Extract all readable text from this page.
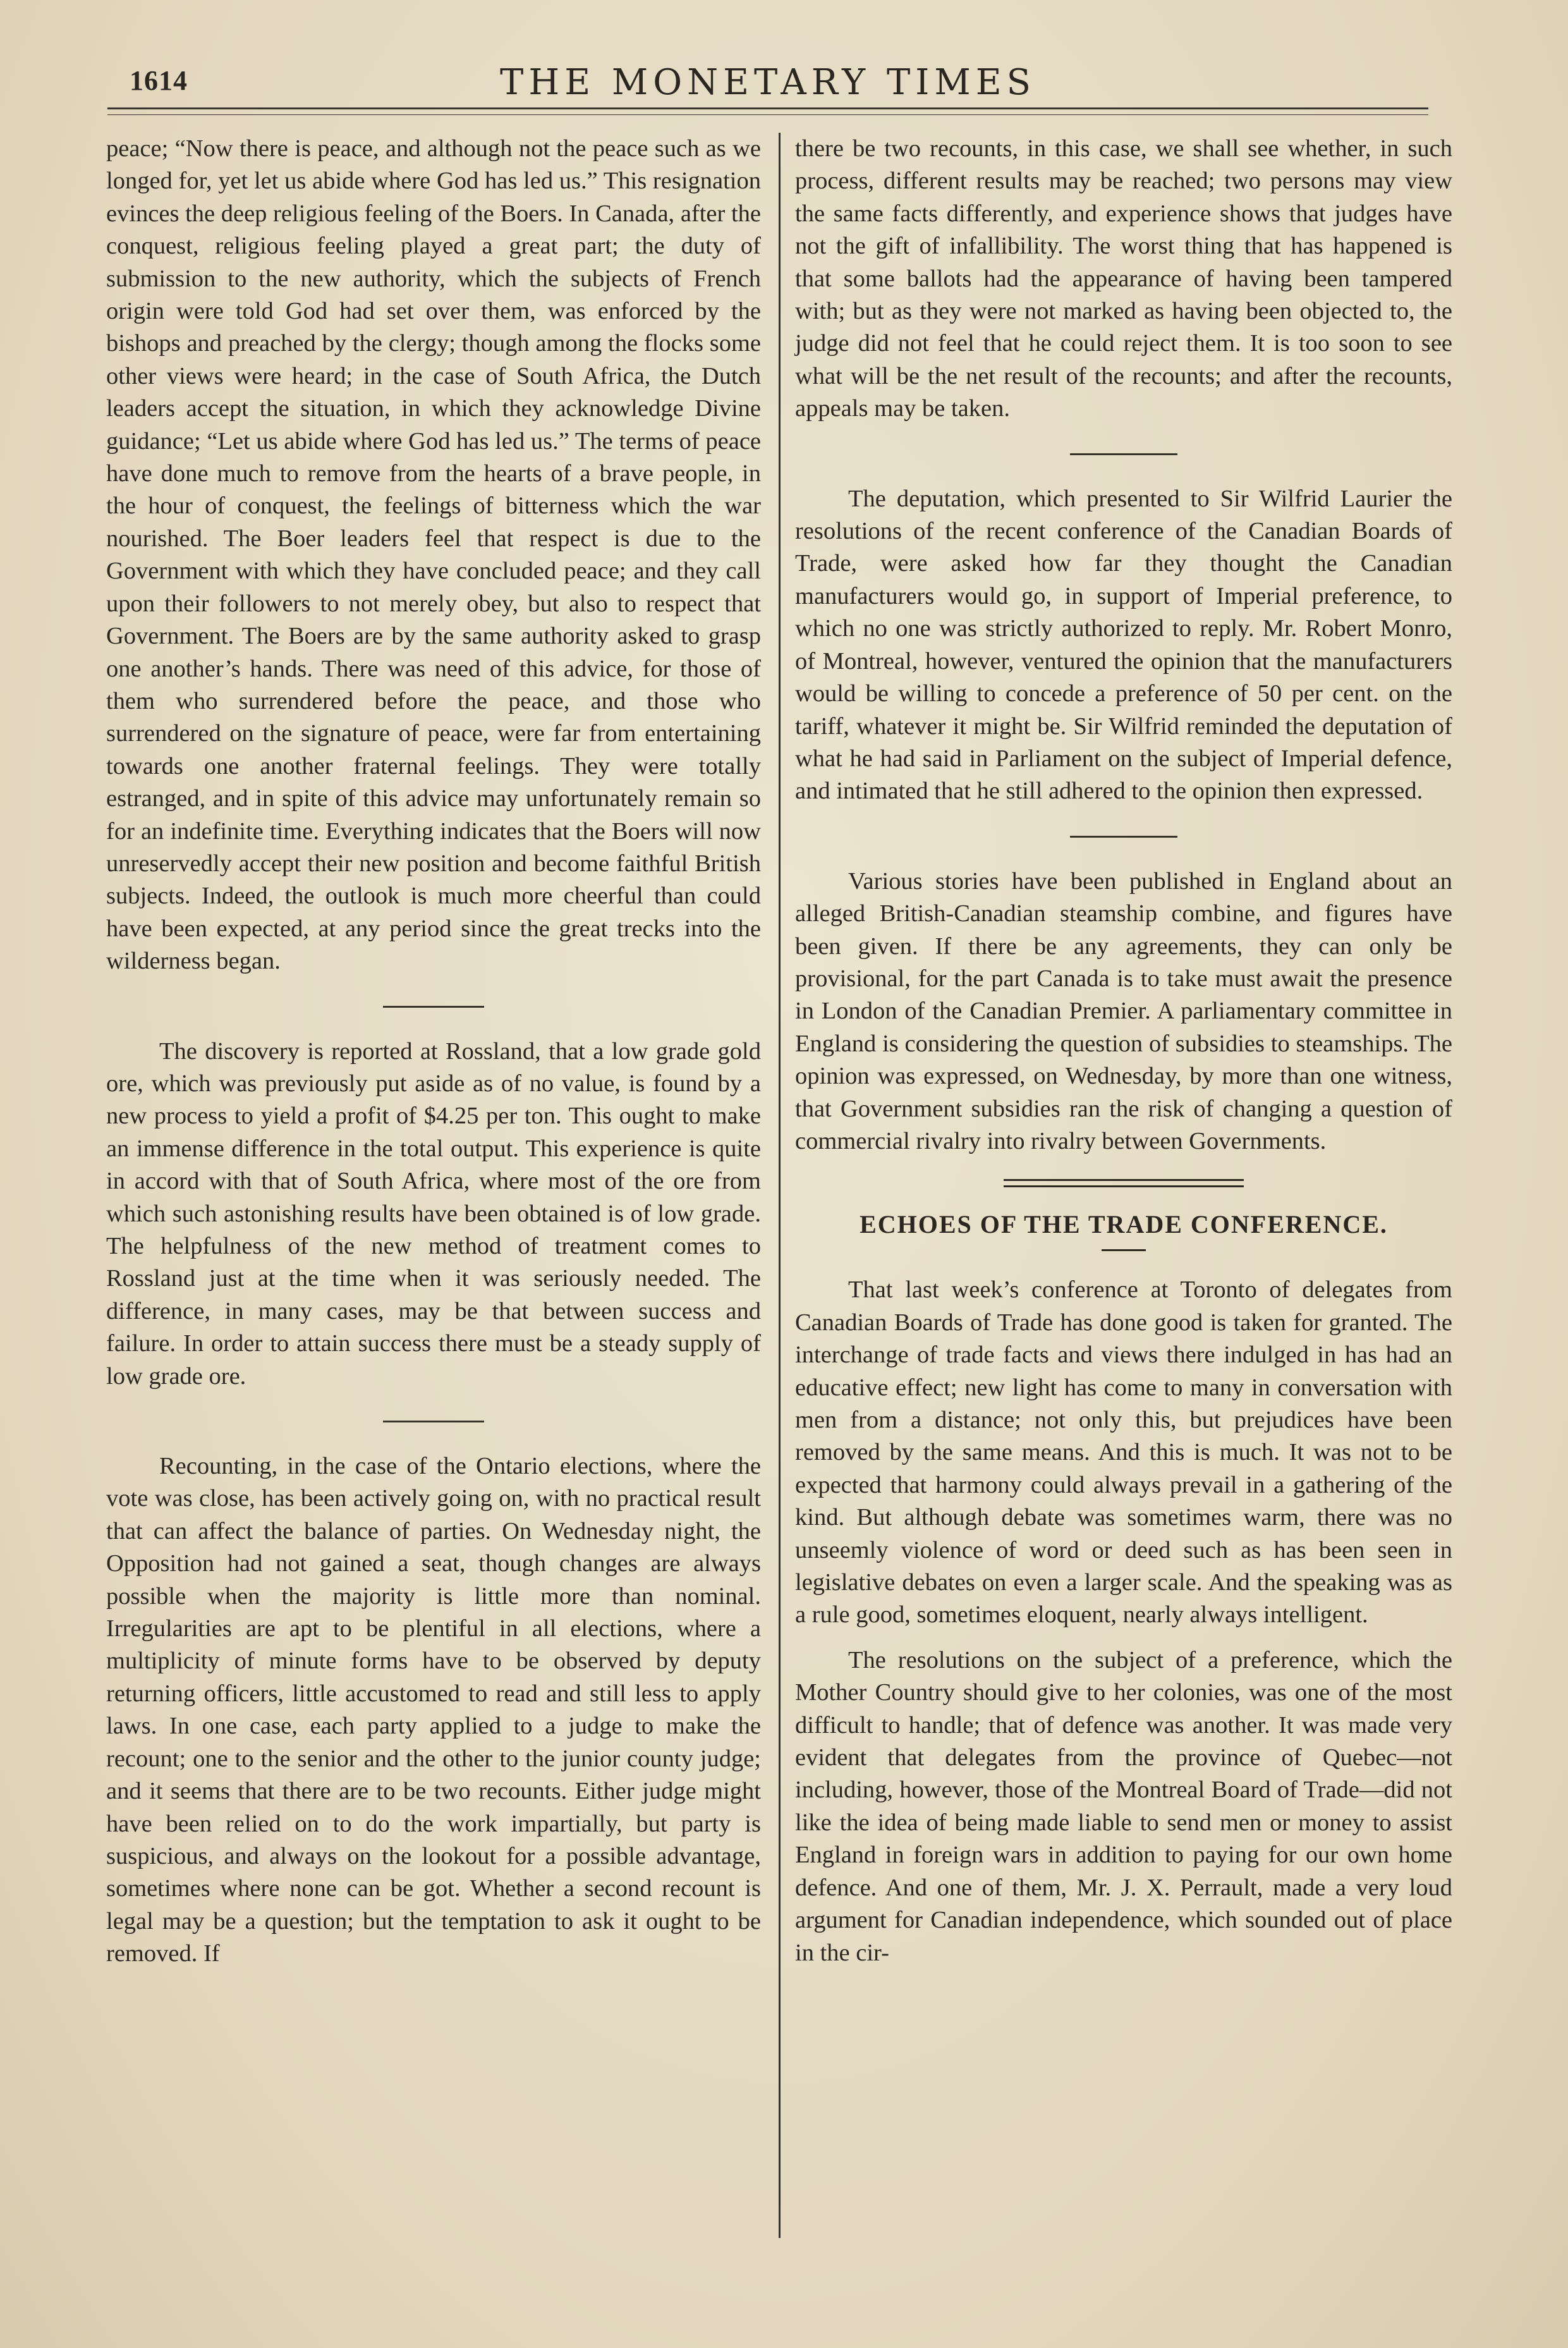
1614	THE MONETARY TIMES

peace; “Now there is peace, and although not the peace such as we longed for, yet let us abide where God has led us.” This resignation evinces the deep religious feeling of the Boers. In Canada, after the conquest, religious feeling played a great part; the duty of submission to the new authority, which the subjects of French origin were told God had set over them, was enforced by the bishops and preached by the clergy; though among the flocks some other views were heard; in the case of South Africa, the Dutch leaders accept the situation, in which they acknowledge Divine guidance; “Let us abide where God has led us.” The terms of peace have done much to remove from the hearts of a brave people, in the hour of conquest, the feelings of bitterness which the war nourished. The Boer leaders feel that respect is due to the Government with which they have concluded peace; and they call upon their followers to not merely obey, but also to respect that Government. The Boers are by the same authority asked to grasp one another’s hands. There was need of this advice, for those of them who surrendered before the peace, and those who surrendered on the signature of peace, were far from entertaining towards one another fraternal feelings. They were totally estranged, and in spite of this advice may unfortunately remain so for an indefinite time. Everything indicates that the Boers will now unreservedly accept their new position and become faithful British subjects. Indeed, the outlook is much more cheerful than could have been expected, at any period since the great trecks into the wilderness began.

The discovery is reported at Rossland, that a low grade gold ore, which was previously put aside as of no value, is found by a new process to yield a profit of $4.25 per ton. This ought to make an immense difference in the total output. This experience is quite in accord with that of South Africa, where most of the ore from which such astonishing results have been obtained is of low grade. The helpfulness of the new method of treatment comes to Rossland just at the time when it was seriously needed. The difference, in many cases, may be that between success and failure. In order to attain success there must be a steady supply of low grade ore.

Recounting, in the case of the Ontario elections, where the vote was close, has been actively going on, with no practical result that can affect the balance of parties. On Wednesday night, the Opposition had not gained a seat, though changes are always possible when the majority is little more than nominal. Irregularities are apt to be plentiful in all elections, where a multiplicity of minute forms have to be observed by deputy returning officers, little accustomed to read and still less to apply laws. In one case, each party applied to a judge to make the recount; one to the senior and the other to the junior county judge; and it seems that there are to be two recounts. Either judge might have been relied on to do the work impartially, but party is suspicious, and always on the lookout for a possible advantage, sometimes where none can be got. Whether a second recount is legal may be a question; but the temptation to ask it ought to be removed. If

there be two recounts, in this case, we shall see whether, in such process, different results may be reached; two persons may view the same facts differently, and experience shows that judges have not the gift of infallibility. The worst thing that has happened is that some ballots had the appearance of having been tampered with; but as they were not marked as having been objected to, the judge did not feel that he could reject them. It is too soon to see what will be the net result of the recounts; and after the recounts, appeals may be taken.

The deputation, which presented to Sir Wilfrid Laurier the resolutions of the recent conference of the Canadian Boards of Trade, were asked how far they thought the Canadian manufacturers would go, in support of Imperial preference, to which no one was strictly authorized to reply. Mr. Robert Monro, of Montreal, however, ventured the opinion that the manufacturers would be willing to concede a preference of 50 per cent. on the tariff, whatever it might be. Sir Wilfrid reminded the deputation of what he had said in Parliament on the subject of Imperial defence, and intimated that he still adhered to the opinion then expressed.

Various stories have been published in England about an alleged British-Canadian steamship combine, and figures have been given. If there be any agreements, they can only be provisional, for the part Canada is to take must await the presence in London of the Canadian Premier. A parliamentary committee in England is considering the question of subsidies to steamships. The opinion was expressed, on Wednesday, by more than one witness, that Government subsidies ran the risk of changing a question of commercial rivalry into rivalry between Governments.

ECHOES OF THE TRADE CONFERENCE.

That last week’s conference at Toronto of delegates from Canadian Boards of Trade has done good is taken for granted. The interchange of trade facts and views there indulged in has had an educative effect; new light has come to many in conversation with men from a distance; not only this, but prejudices have been removed by the same means. And this is much. It was not to be expected that harmony could always prevail in a gathering of the kind. But although debate was sometimes warm, there was no unseemly violence of word or deed such as has been seen in legislative debates on even a larger scale. And the speaking was as a rule good, sometimes eloquent, nearly always intelligent.

The resolutions on the subject of a preference, which the Mother Country should give to her colonies, was one of the most difficult to handle; that of defence was another. It was made very evident that delegates from the province of Quebec—not including, however, those of the Montreal Board of Trade—did not like the idea of being made liable to send men or money to assist England in foreign wars in addition to paying for our own home defence. And one of them, Mr. J. X. Perrault, made a very loud argument for Canadian independence, which sounded out of place in the cir-
